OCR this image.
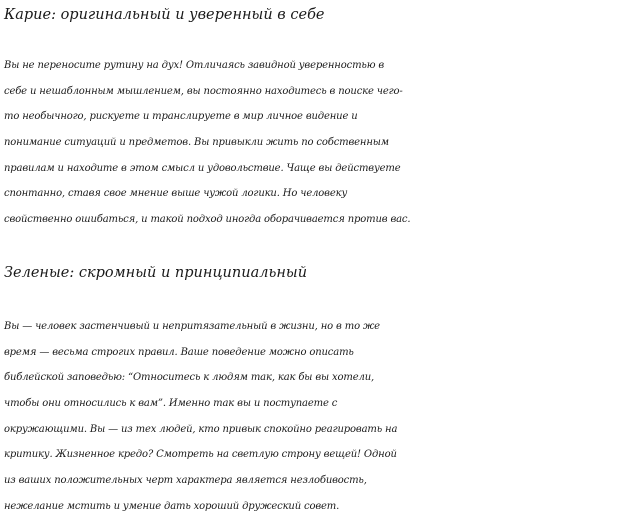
Карие: оригинальный и уверенный в себе
Вы не переносите рутину на дух! Отличаясь завидной уверенностью в
себе и нешаблонным мышлением, вы постоянно находитесь в поиске чего-
то необычного, рискуете и транслируете в мир личное видение и
понимание ситуаций и предметов. Вы привыкли жить по собственным
правилам и находите в этом смысл и удовольствие. Чаще вы действуете
спонтанно, ставя свое мнение выше чужой логики. Но человеку
свойственно ошибаться, и такой подход иногда оборачивается против вас.
Зеленые: скромный и принципиальный
Вы — человек застенчивый и непритязательный в жизни, но в то же
время — весьма строгих правил. Ваше поведение можно описать
библейской заповедью: “Относитесь к людям так, как бы вы хотели,
чтобы они относились к вам”. Именно так вы и поступаете с
окружающими. Вы — из тех людей, кто привык спокойно реагировать на
критику. Жизненное кредо? Смотреть на светлую строну вещей! Одной
из ваших положительных черт характера является незлобивость,
нежелание мстить и умение дать хороший дружеский совет.
